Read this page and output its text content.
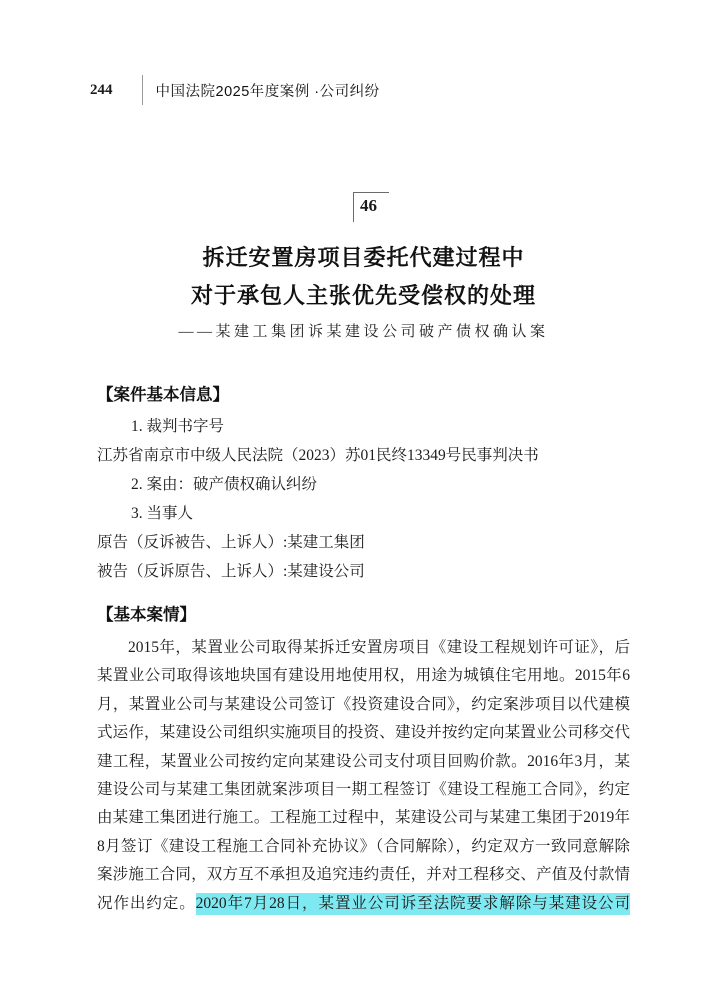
244	中国法院2025年度案例 ·公司纠纷
46
拆迁安置房项目委托代建过程中
对于承包人主张优先受偿权的处理
——某建工集团诉某建设公司破产债权确认案
【案件基本信息】
1. 裁判书字号
江苏省南京市中级人民法院（2023）苏01民终13349号民事判决书
2. 案由：破产债权确认纠纷
3. 当事人
原告（反诉被告、上诉人）:某建工集团
被告（反诉原告、上诉人）:某建设公司
【基本案情】
2015年，某置业公司取得某拆迁安置房项目《建设工程规划许可证》，后
某置业公司取得该地块国有建设用地使用权，用途为城镇住宅用地。2015年6
月，某置业公司与某建设公司签订《投资建设合同》，约定案涉项目以代建模
式运作，某建设公司组织实施项目的投资、建设并按约定向某置业公司移交代
建工程，某置业公司按约定向某建设公司支付项目回购价款。2016年3月，某
建设公司与某建工集团就案涉项目一期工程签订《建设工程施工合同》，约定
由某建工集团进行施工。工程施工过程中，某建设公司与某建工集团于2019年
8月签订《建设工程施工合同补充协议》（合同解除），约定双方一致同意解除
案涉施工合同，双方互不承担及追究违约责任，并对工程移交、产值及付款情
况作出约定。2020年7月28日，某置业公司诉至法院要求解除与某建设公司
